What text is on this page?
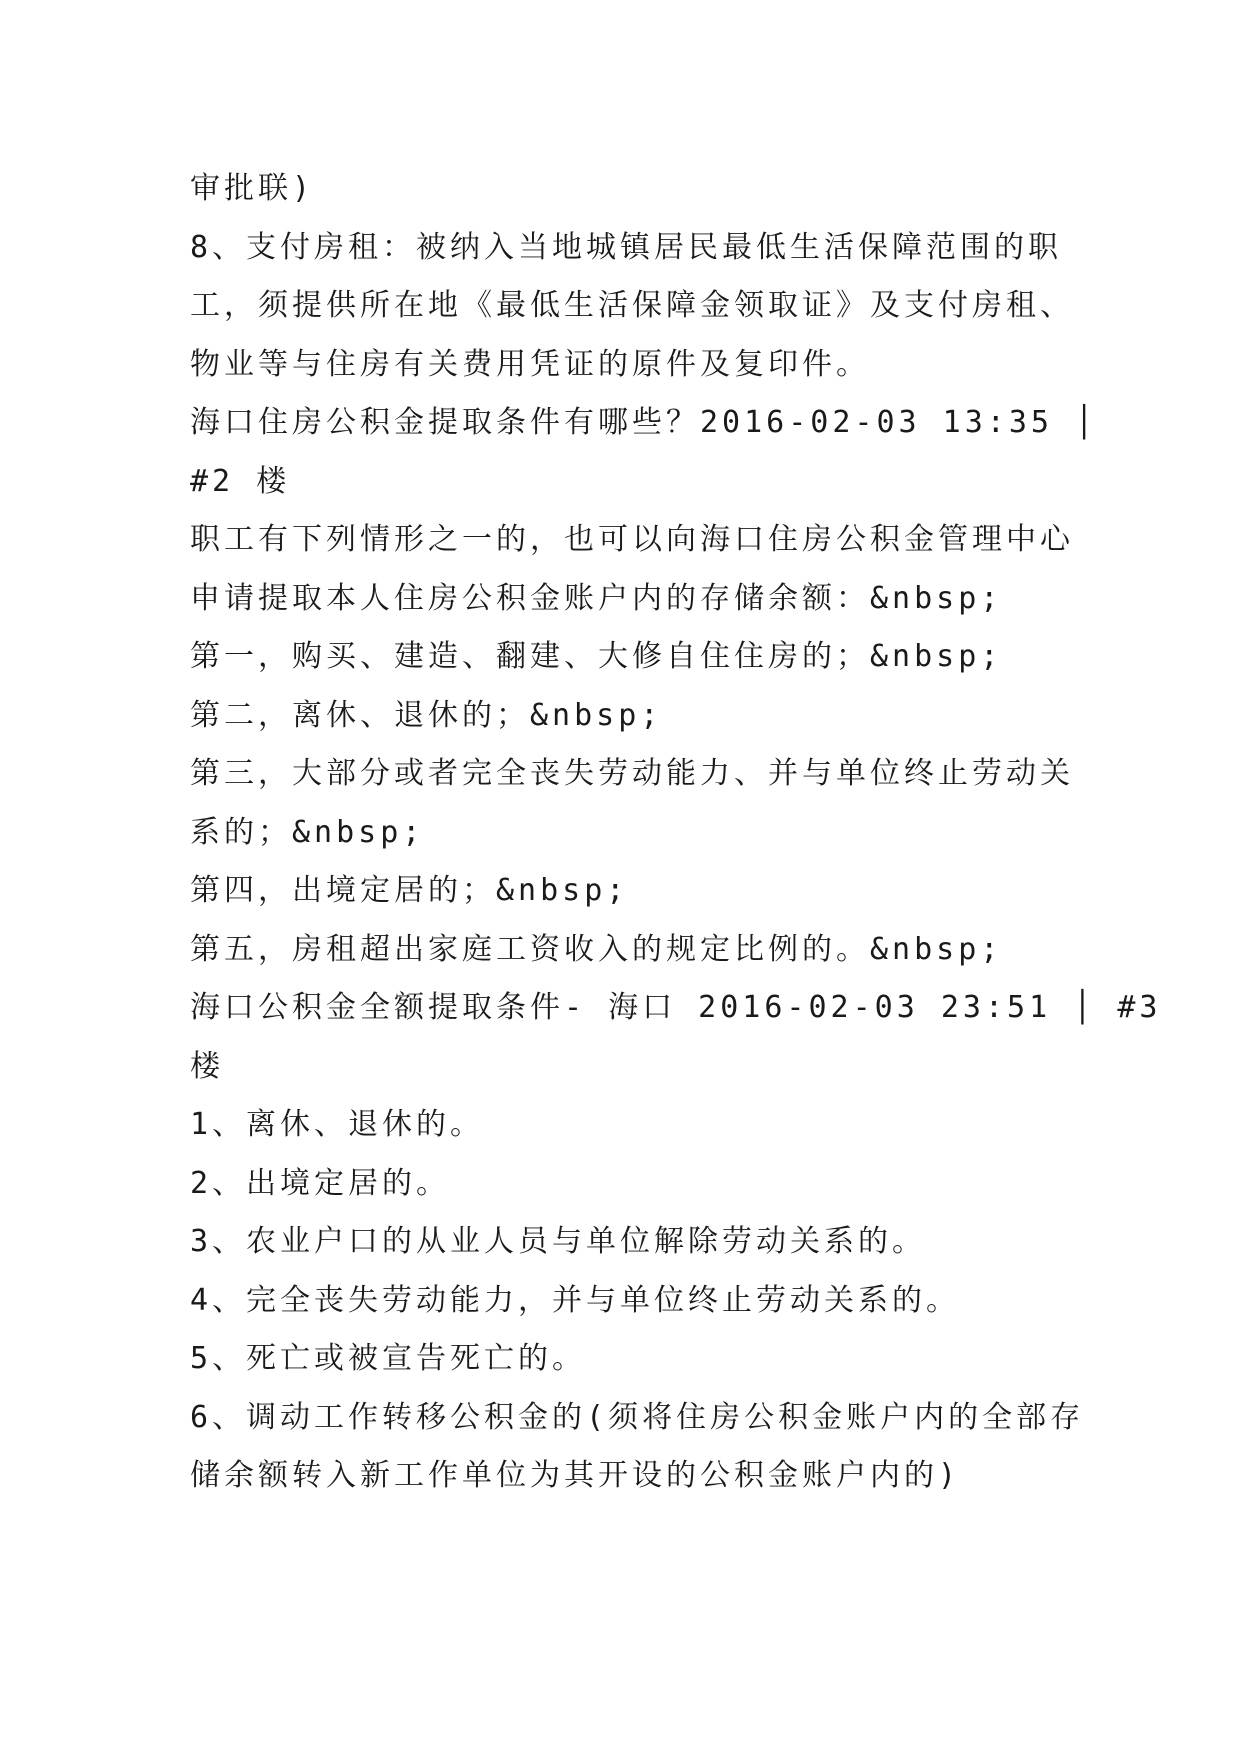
审批联)
8、支付房租：被纳入当地城镇居民最低生活保障范围的职
工，须提供所在地《最低生活保障金领取证》及支付房租、
物业等与住房有关费用凭证的原件及复印件。
海口住房公积金提取条件有哪些？2016-02-03 13:35 │
#2 楼
职工有下列情形之一的，也可以向海口住房公积金管理中心
申请提取本人住房公积金账户内的存储余额：&nbsp;
第一，购买、建造、翻建、大修自住住房的；&nbsp;
第二，离休、退休的；&nbsp;
第三，大部分或者完全丧失劳动能力、并与单位终止劳动关
系的；&nbsp;
第四，出境定居的；&nbsp;
第五，房租超出家庭工资收入的规定比例的。&nbsp;
海口公积金全额提取条件- 海口 2016-02-03 23:51 │ #3
楼
1、离休、退休的。
2、出境定居的。
3、农业户口的从业人员与单位解除劳动关系的。
4、完全丧失劳动能力，并与单位终止劳动关系的。
5、死亡或被宣告死亡的。
6、调动工作转移公积金的(须将住房公积金账户内的全部存
储余额转入新工作单位为其开设的公积金账户内的)
